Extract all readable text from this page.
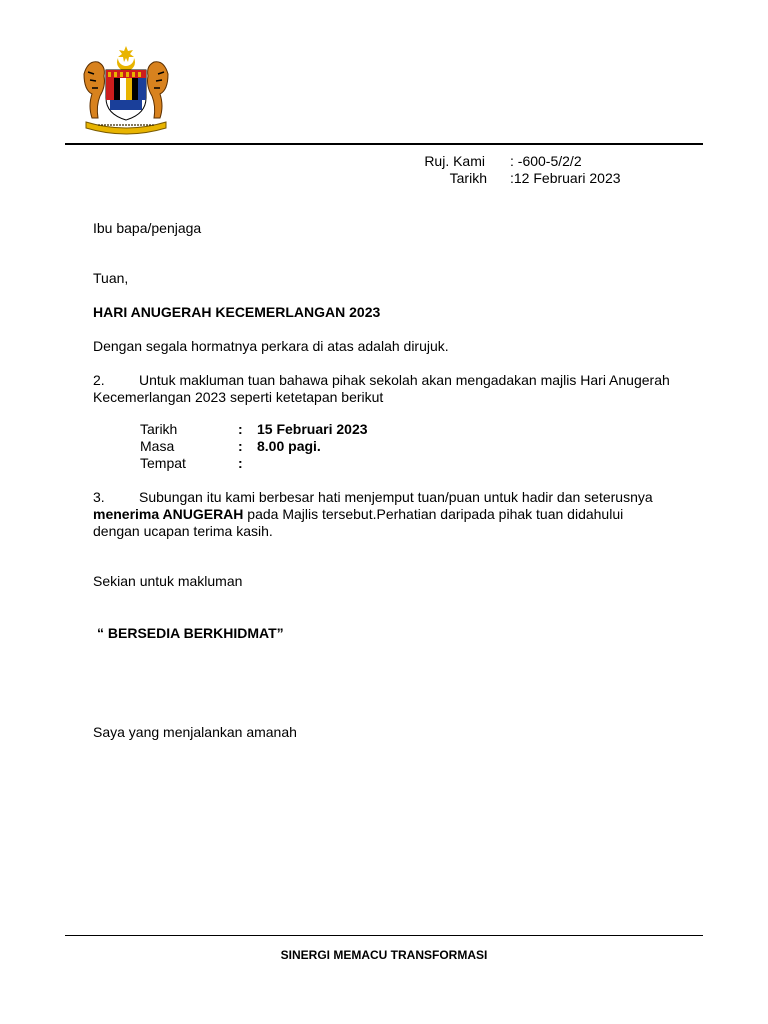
Ruj. Kami : -600-5/2/2
Tarikh :12 Februari 2023
Ibu bapa/penjaga
Tuan,
HARI ANUGERAH KECEMERLANGAN 2023
Dengan segala hormatnya perkara di atas adalah dirujuk.
2. Untuk makluman tuan bahawa pihak sekolah akan mengadakan majlis Hari Anugerah Kecemerlangan 2023 seperti ketetapan berikut
Tarikh	: 15 Februari 2023
Masa	: 8.00 pagi.
Tempat	:
3. Subungan itu kami berbesar hati menjemput tuan/puan untuk hadir dan seterusnya menerima ANUGERAH pada Majlis tersebut.Perhatian daripada pihak tuan didahului dengan ucapan terima kasih.
Sekian untuk makluman
“ BERSEDIA BERKHIDMAT”
Saya yang menjalankan amanah
SINERGI MEMACU TRANSFORMASI
